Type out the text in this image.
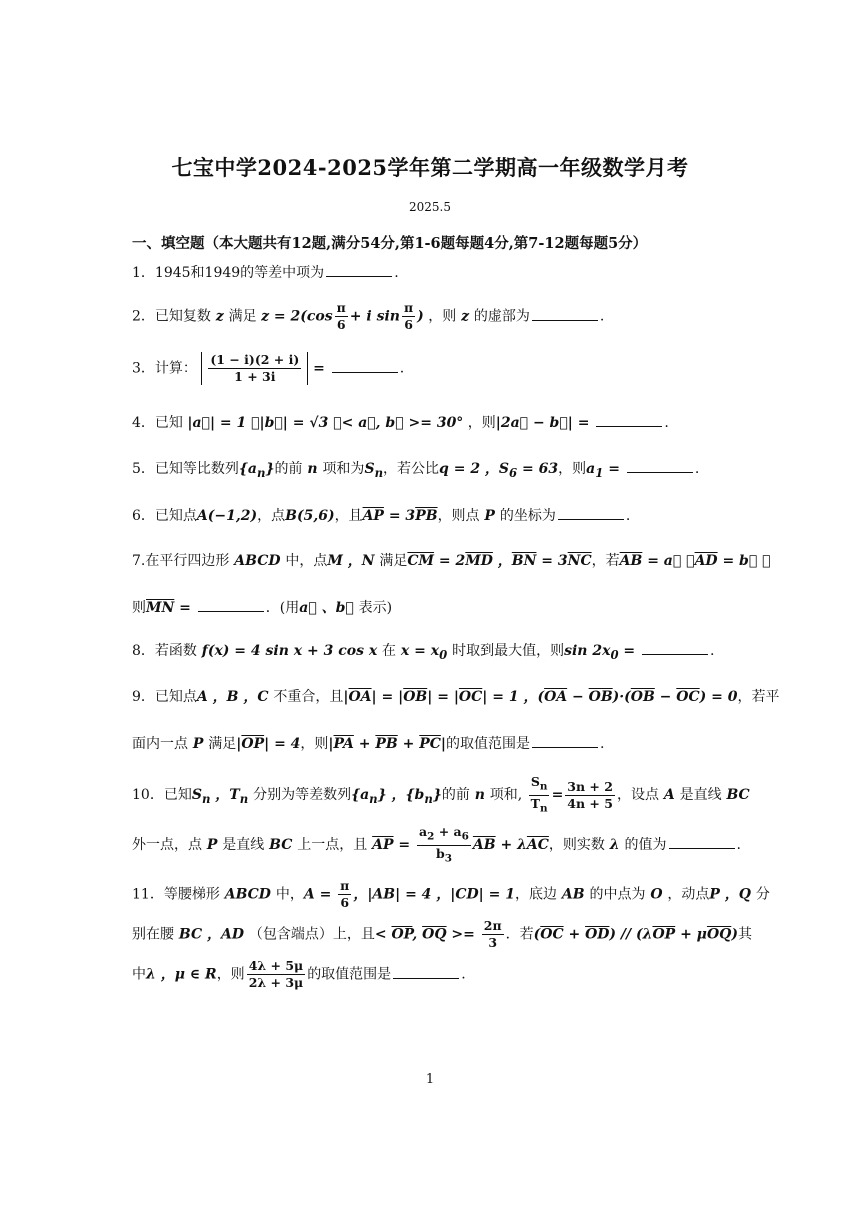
七宝中学2024-2025学年第二学期高一年级数学月考
2025.5
一、填空题（本大题共有12题,满分54分,第1-6题每题4分,第7-12题每题5分）
1．1945和1949的等差中项为	.
2．已知复数 z 满足 $z = 2(\cos \frac{\pi}{6} + i$ $\sin \frac{\pi}{6}$ ) ，则 z 的虚部为	.
3．计算： $\frac{(1 - i)(2 + i)}{1 + 3i}$ =	.
4．已知 |a⃗| = 1 ，|b⃗| = √3 ，< a⃗, b⃗ >= 30° ，则|2a⃗ − b⃗| =	.
5．已知等比数列$\{a_n\}$的前 n 项和为$S_n$，若公比q = 2 ，$S_6 = 63$，则$a_1$ =	.
6．已知点A(−1,2)，点B(5,6)，且$\overline{AP} = 3\overline{PB}$，则点 P 的坐标为	.
7.在平行四边形 ABCD 中，点M ，N 满足$\overline{CM} = 2\overline{MD}$ ，$\overline{BN} = 3\overline{NC}$，若$\overline{AB}$ = a⃗ ，$\overline{AD}$ = b⃗ ，
则$\overline{MN}$ =	．(用a⃗ 、b⃗ 表示)
8．若函数 f(x) = 4 sin x + 3 cos x 在 $x = x_0$ 时取到最大值，则$\sin 2x_0$ =	.
9．已知点A ，B ，C 不重合，且$|\overline{OA}| = |\overline{OB}| = |\overline{OC}| = 1$ ，$(\overline{OA} - \overline{OB})\cdot(\overline{OB} - \overline{OC}) = 0$，若平
面内一点 P 满足$|\overline{OP}| = 4$，则$|\overline{PA} + \overline{PB} + \overline{PC}|$的取值范围是	.
10．已知$S_n$ ，$T_n$ 分别为等差数列$\{a_n\}$ ，$\{b_n\}$的前 n 项和, $\frac{S_n}{T_n} = \frac{3n + 2}{4n + 5}$ ，设点 A 是直线 BC
外一点，点 P 是直线 BC 上一点，且 $\overline{AP} = \frac{a_2 + a_6}{b_3} \overline{AB} + \lambda\overline{AC}$，则实数 λ 的值为	.
11．等腰梯形 ABCD 中，$A = \frac{\pi}{6}$ ，|AB| = 4 ，|CD| = 1，底边 AB 的中点为 O ，动点P ，Q 分
别在腰 BC ，AD （包含端点）上，且< $\overline{OP}$, $\overline{OQ} >= \frac{2\pi}{3}$ ．若$(\overline{OC} + \overline{OD}) // (\lambda\overline{OP} + \mu\overline{OQ})$其
中λ ，μ ∈ R，则 $\frac{4\lambda + 5\mu}{2\lambda + 3\mu}$ 的取值范围是	.
1
